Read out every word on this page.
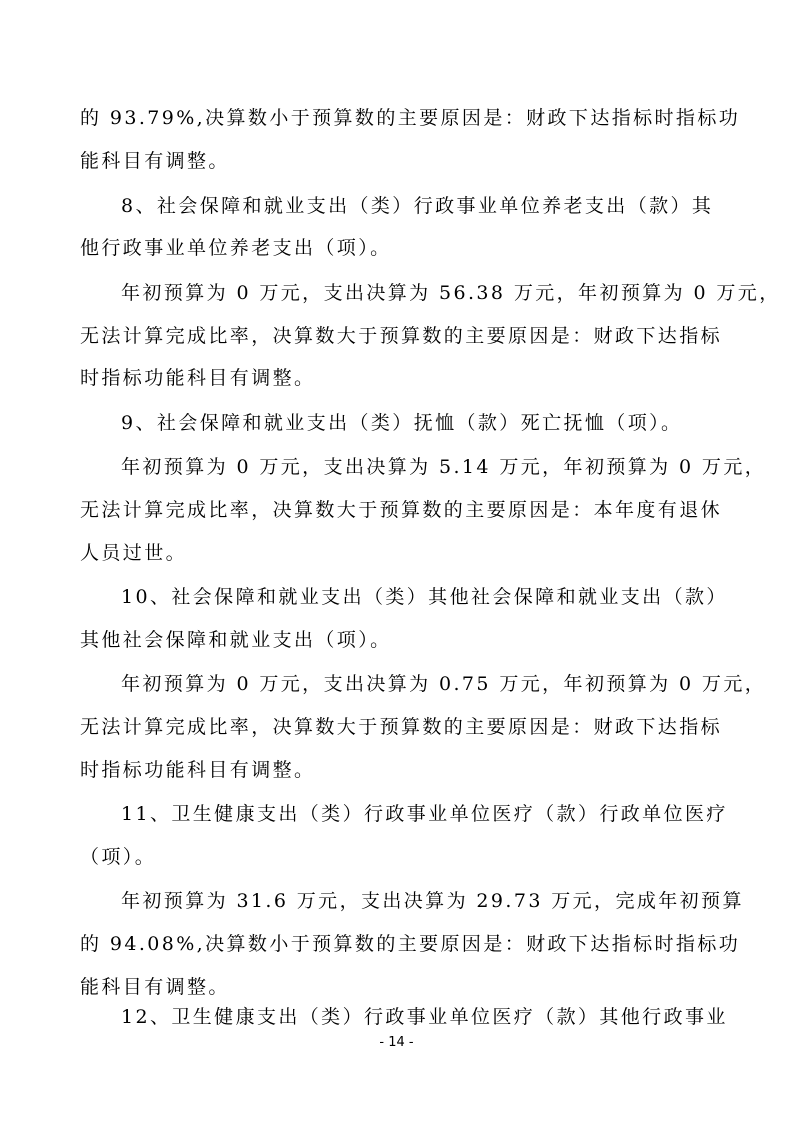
的 93.79%,决算数小于预算数的主要原因是：财政下达指标时指标功
能科目有调整。
8、社会保障和就业支出（类）行政事业单位养老支出（款）其
他行政事业单位养老支出（项）。
年初预算为 0 万元，支出决算为 56.38 万元，年初预算为 0 万元，
无法计算完成比率，决算数大于预算数的主要原因是：财政下达指标
时指标功能科目有调整。
9、社会保障和就业支出（类）抚恤（款）死亡抚恤（项）。
年初预算为 0 万元，支出决算为 5.14 万元，年初预算为 0 万元，
无法计算完成比率，决算数大于预算数的主要原因是：本年度有退休
人员过世。
10、社会保障和就业支出（类）其他社会保障和就业支出（款）
其他社会保障和就业支出（项）。
年初预算为 0 万元，支出决算为 0.75 万元，年初预算为 0 万元，
无法计算完成比率，决算数大于预算数的主要原因是：财政下达指标
时指标功能科目有调整。
11、卫生健康支出（类）行政事业单位医疗（款）行政单位医疗
（项）。
年初预算为 31.6 万元，支出决算为 29.73 万元，完成年初预算
的 94.08%,决算数小于预算数的主要原因是：财政下达指标时指标功
能科目有调整。
12、卫生健康支出（类）行政事业单位医疗（款）其他行政事业
- 14 -
